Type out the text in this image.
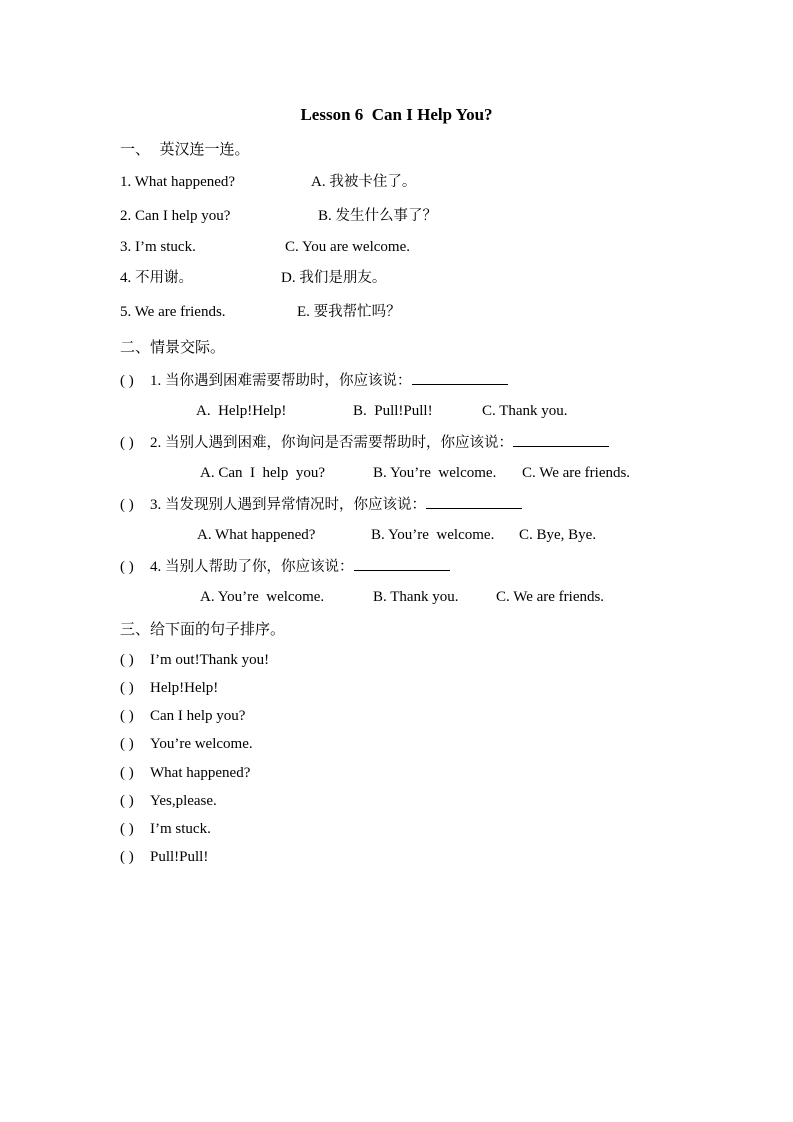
Lesson 6  Can I Help You?
一、  英汉连一连。
1. What happened?	A. 我被卡住了。
2. Can I help you?	B. 发生什么事了？
3. I’m stuck.	C. You are welcome.
4. 不用谢。	D. 我们是朋友。
5. We are friends.	E. 要我帮忙吗？
二、情景交际。
( ) 1. 当你遇到困难需要帮助时，你应该说：
A.  Help!Help!	B.  Pull!Pull!	C. Thank you.
( ) 2. 当别人遇到困难，你询问是否需要帮助时，你应该说：
A. Can  I  help  you?	B. You’re  welcome. C. We are friends.
( ) 3. 当发现别人遇到异常情况时，你应该说：
A. What happened?	B. You’re  welcome. C. Bye, Bye.
( ) 4. 当别人帮助了你，你应该说：
A. You’re  welcome.	B. Thank you. C. We are friends.
三、给下面的句子排序。
( ) I’m out!Thank you!
( ) Help!Help!
( ) Can I help you?
( ) You’re welcome.
( ) What happened?
( ) Yes,please.
( ) I’m stuck.
( ) Pull!Pull!
